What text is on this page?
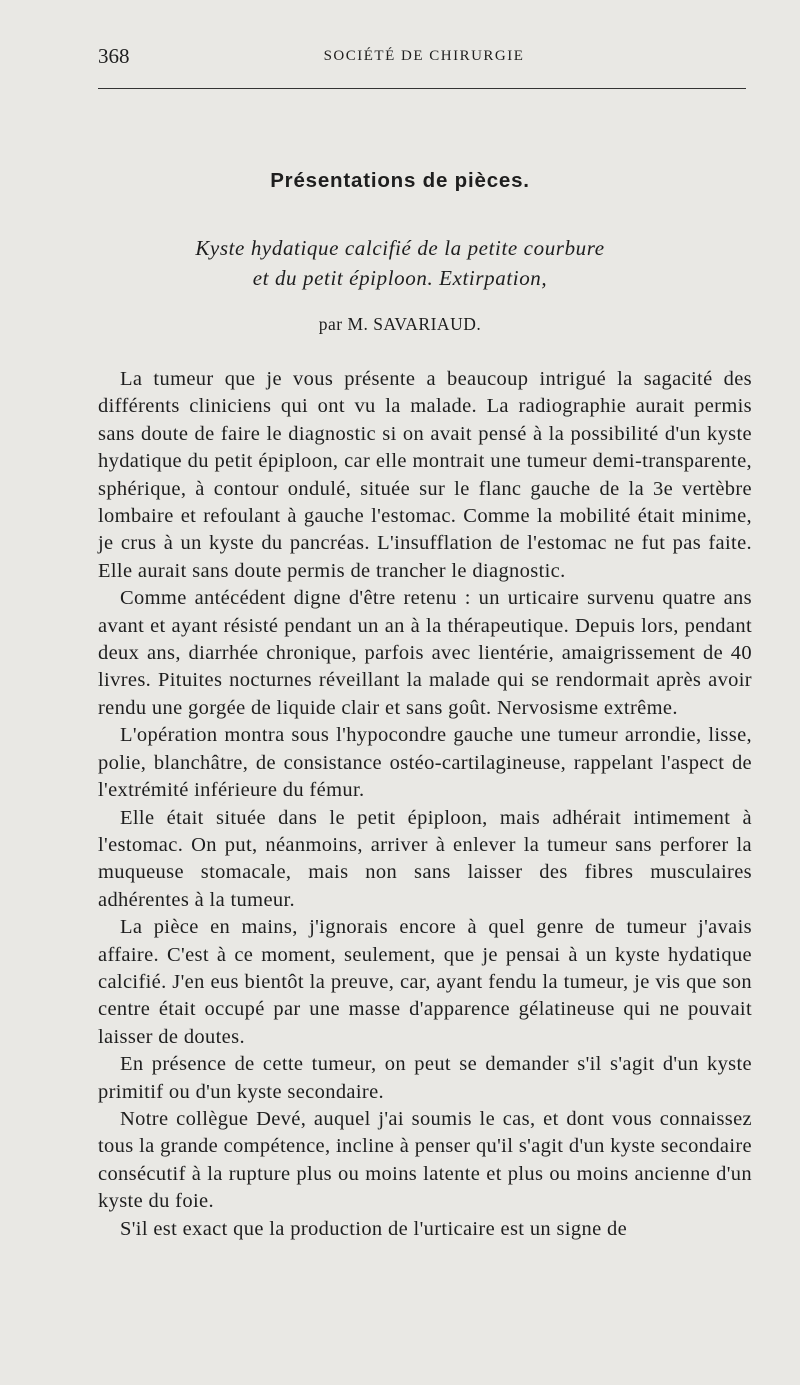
368	SOCIÉTÉ DE CHIRURGIE
Présentations de pièces.
Kyste hydatique calcifié de la petite courbure
et du petit épiploon. Extirpation,
par M. SAVARIAUD.

La tumeur que je vous présente a beaucoup intrigué la sagacité des différents cliniciens qui ont vu la malade. La radiographie aurait permis sans doute de faire le diagnostic si on avait pensé à la possibilité d'un kyste hydatique du petit épiploon, car elle montrait une tumeur demi-transparente, sphérique, à contour ondulé, située sur le flanc gauche de la 3e vertèbre lombaire et refoulant à gauche l'estomac. Comme la mobilité était minime, je crus à un kyste du pancréas. L'insufflation de l'estomac ne fut pas faite. Elle aurait sans doute permis de trancher le diagnostic.

Comme antécédent digne d'être retenu : un urticaire survenu quatre ans avant et ayant résisté pendant un an à la thérapeutique. Depuis lors, pendant deux ans, diarrhée chronique, parfois avec lientérie, amaigrissement de 40 livres. Pituites nocturnes réveillant la malade qui se rendormait après avoir rendu une gorgée de liquide clair et sans goût. Nervosisme extrême.

L'opération montra sous l'hypocondre gauche une tumeur arrondie, lisse, polie, blanchâtre, de consistance ostéo-cartilagineuse, rappelant l'aspect de l'extrémité inférieure du fémur.

Elle était située dans le petit épiploon, mais adhérait intimement à l'estomac. On put, néanmoins, arriver à enlever la tumeur sans perforer la muqueuse stomacale, mais non sans laisser des fibres musculaires adhérentes à la tumeur.

La pièce en mains, j'ignorais encore à quel genre de tumeur j'avais affaire. C'est à ce moment, seulement, que je pensai à un kyste hydatique calcifié. J'en eus bientôt la preuve, car, ayant fendu la tumeur, je vis que son centre était occupé par une masse d'apparence gélatineuse qui ne pouvait laisser de doutes.

En présence de cette tumeur, on peut se demander s'il s'agit d'un kyste primitif ou d'un kyste secondaire.

Notre collègue Devé, auquel j'ai soumis le cas, et dont vous connaissez tous la grande compétence, incline à penser qu'il s'agit d'un kyste secondaire consécutif à la rupture plus ou moins latente et plus ou moins ancienne d'un kyste du foie.

S'il est exact que la production de l'urticaire est un signe de
